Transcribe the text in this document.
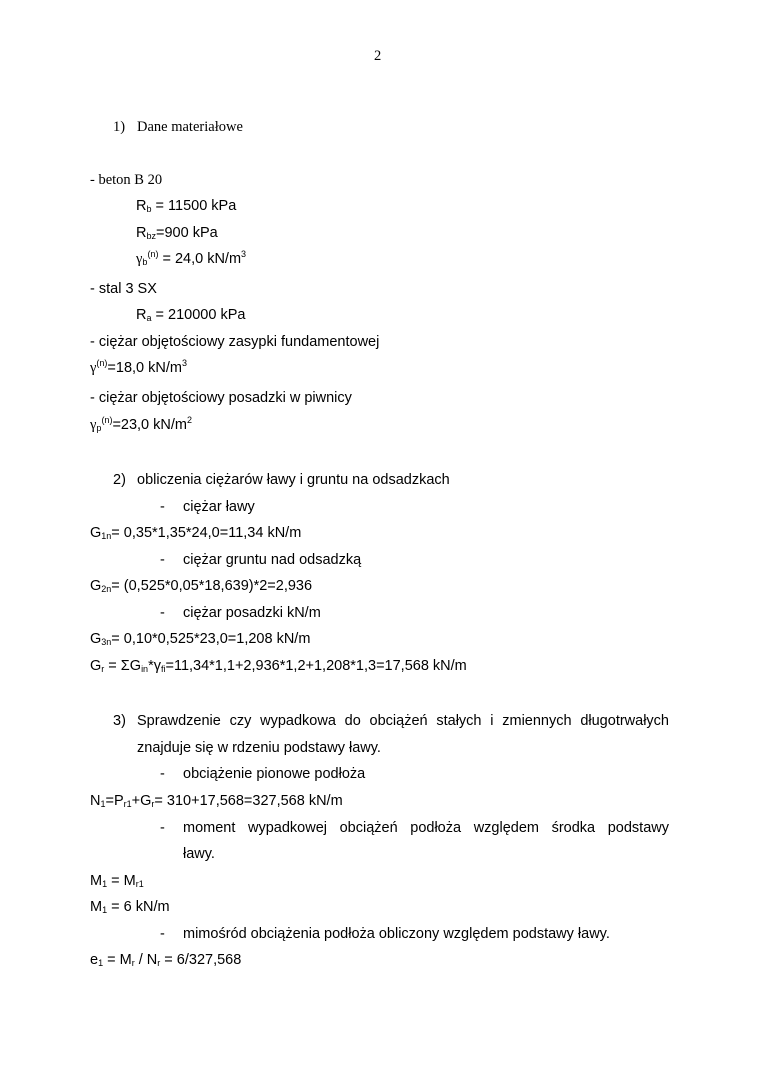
2
1) Dane materiałowe
- beton B 20
$R_b = 11500$ kPa
$R_{bz}=900$ kPa
$\gamma_b^{(n)} = 24,0$ $kN/m^3$
- stal 3 SX
$R_a = 210000$ kPa
- ciężar objętościowy zasypki fundamentowej
$\gamma^{(n)}=18,0$ $kN/m^3$
- ciężar objętościowy posadzki w piwnicy
$\gamma_p^{(n)}=23,0$ $kN/m^2$
2) obliczenia ciężarów ławy i gruntu na odsadzkach
- ciężar ławy
$G_{1n}= 0,35*1,35*24,0=11,34$ kN/m
- ciężar gruntu nad odsadzką
$G_{2n}= (0,525*0,05*18,639)*2=2,936$
- ciężar posadzki kN/m
$G_{3n}= 0,10*0,525*23,0=1,208$ kN/m
$G_r = \Sigma G_{in}*\gamma_{fi}=11,34*1,1+2,936*1,2+1,208*1,3=17,568$ kN/m
3) Sprawdzenie czy wypadkowa do obciążeń stałych i zmiennych długotrwałych
znajduje się w rdzeniu podstawy ławy.
- obciążenie pionowe podłoża
$N_1=P_{r1}+G_r= 310+17,568=327,568$ kN/m
- moment wypadkowej obciążeń podłoża względem środka podstawy
ławy.
$M_1 = M_{r1}$
$M_1 = 6$ kN/m
- mimośród obciążenia podłoża obliczony względem podstawy ławy.
$e_1 = M_r / N_r = 6/327,568$
